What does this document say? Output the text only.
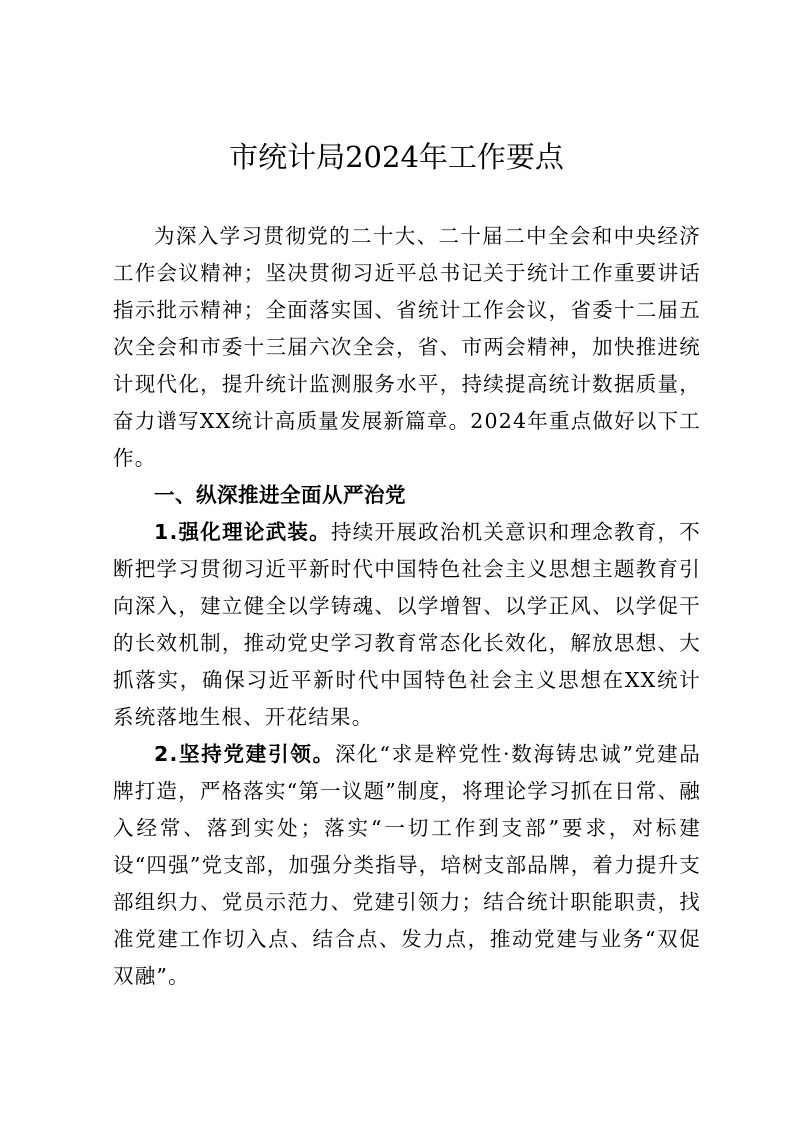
市统计局2024年工作要点

为深入学习贯彻党的二十大、二十届二中全会和中央经济工作会议精神；坚决贯彻习近平总书记关于统计工作重要讲话指示批示精神；全面落实国、省统计工作会议，省委十二届五次全会和市委十三届六次全会，省、市两会精神，加快推进统计现代化，提升统计监测服务水平，持续提高统计数据质量，奋力谱写XX统计高质量发展新篇章。2024年重点做好以下工作。

一、纵深推进全面从严治党

1.强化理论武装。持续开展政治机关意识和理念教育，不断把学习贯彻习近平新时代中国特色社会主义思想主题教育引向深入，建立健全以学铸魂、以学增智、以学正风、以学促干的长效机制，推动党史学习教育常态化长效化，解放思想、大抓落实，确保习近平新时代中国特色社会主义思想在XX统计系统落地生根、开花结果。

2.坚持党建引领。深化“求是粹党性·数海铸忠诚”党建品牌打造，严格落实“第一议题”制度，将理论学习抓在日常、融入经常、落到实处；落实“一切工作到支部”要求，对标建设“四强”党支部，加强分类指导，培树支部品牌，着力提升支部组织力、党员示范力、党建引领力；结合统计职能职责，找准党建工作切入点、结合点、发力点，推动党建与业务“双促双融”。
